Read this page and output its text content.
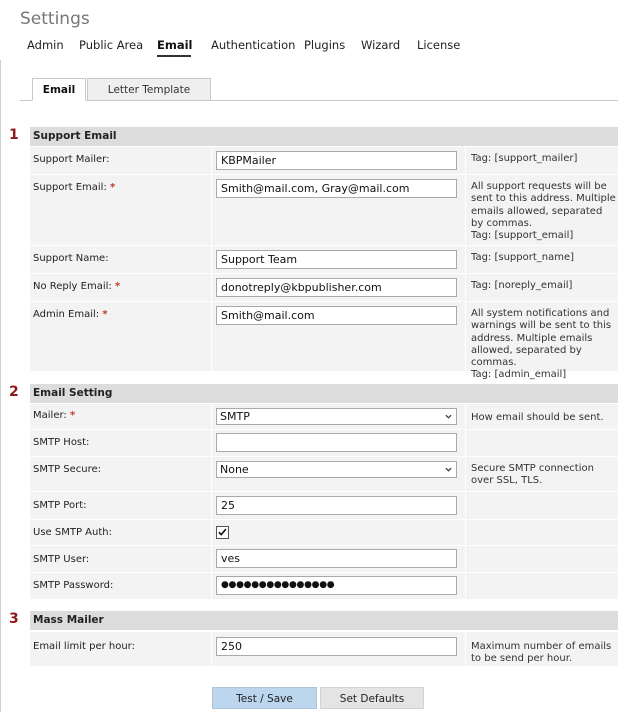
Settings
Admin Public Area Email Authentication Plugins Wizard License
Email	Letter Template
1 Support Email
Support Mailer:	KBPMailer	Tag: [support_mailer]
Support Email: *	Smith@mail.com, Gray@mail.com	All support requests will be sent to this address. Multiple emails allowed, separated by commas.
Tag: [support_email]
Support Name:	Support Team	Tag: [support_name]
No Reply Email: *	donotreply@kbpublisher.com	Tag: [noreply_email]
Admin Email: *	Smith@mail.com	All system notifications and warnings will be sent to this address. Multiple emails allowed, separated by commas.
Tag: [admin_email]
2 Email Setting
Mailer: *	SMTP	How email should be sent.
SMTP Host:
SMTP Secure:	None	Secure SMTP connection over SSL, TLS.
SMTP Port:	25
Use SMTP Auth:
SMTP User:	ves
SMTP Password:	●●●●●●●●●●●●●●●
3 Mass Mailer
Email limit per hour:	250	Maximum number of emails to be send per hour.
Test / Save	Set Defaults
